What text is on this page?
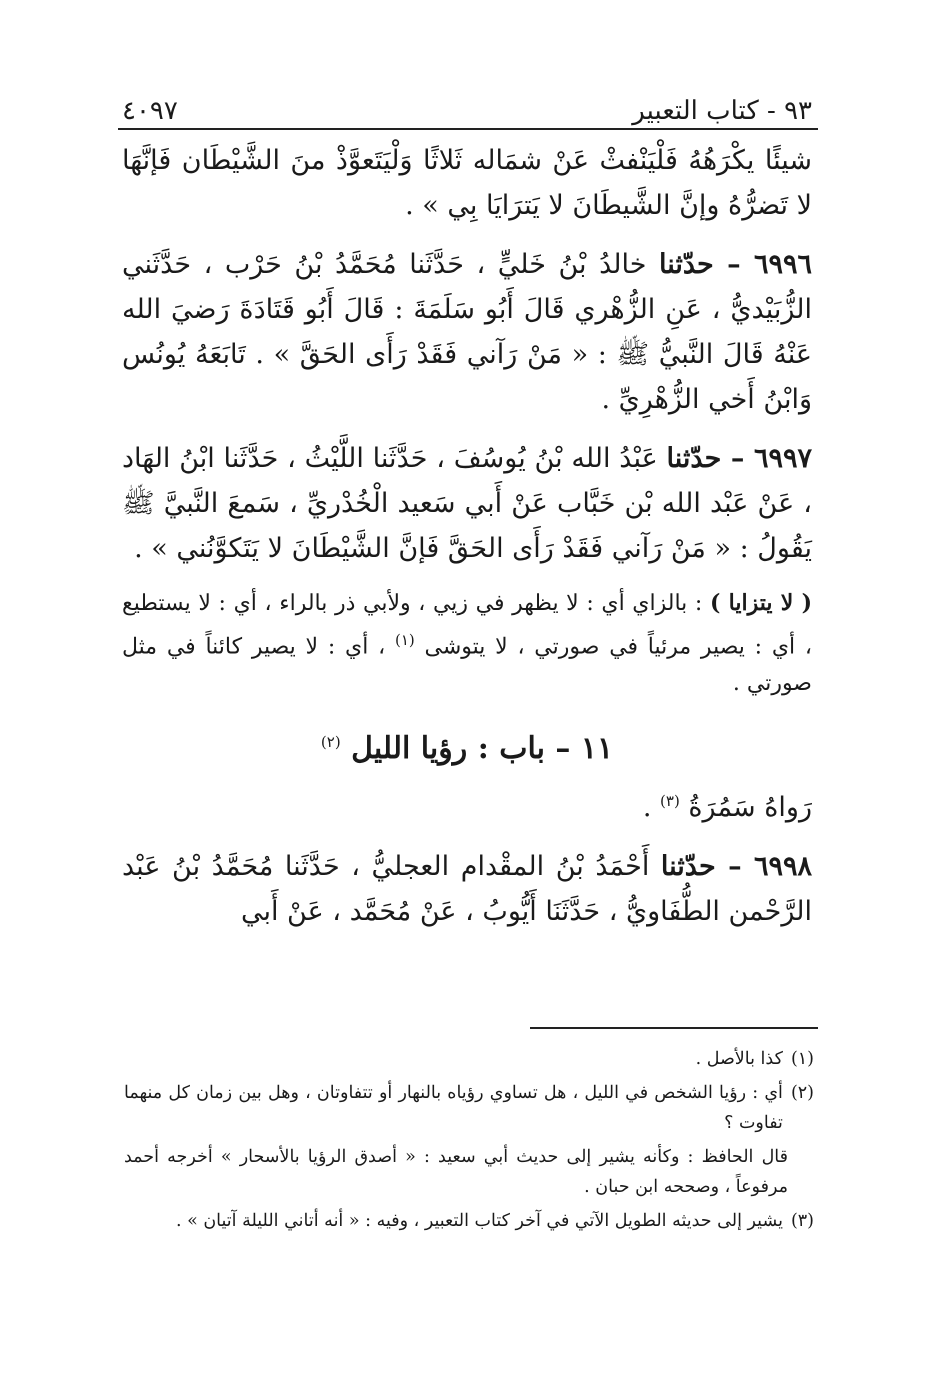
٩٣ - كتاب التعبير
٤٠٩٧

شيئًا يكْرَهُهُ فَلْيَنْفثْ عَنْ شمَاله ثَلاثًا وَلْيَتَعوَّذْ منَ الشَّيْطَان فَإنَّهَا لا تَضرُّهُ وإنَّ الشَّيطَانَ لا يَترَايَا بِي » .

٦٩٩٦ – حدّثنا خالدُ بْنُ خَليٍّ ، حَدَّثَنا مُحَمَّدُ بْنُ حَرْب ، حَدَّثَني الزُّبَيْديُّ ، عَنِ الزُّهْري قَالَ أَبُو سَلَمَةَ : قَالَ أَبُو قَتَادَةَ رَضيَ الله عَنْهُ قَالَ النَّبيُّ ﷺ : « مَنْ رَآني فَقَدْ رَأَى الحَقَّ » . تَابَعَهُ يُونُس وَابْنُ أَخي الزُّهْرِيِّ .

٦٩٩٧ – حدّثنا عَبْدُ الله بْنُ يُوسُفَ ، حَدَّثَنا اللَّيْثُ ، حَدَّثَنا ابْنُ الهَاد ، عَنْ عَبْد الله بْن خَبَّاب عَنْ أَبي سَعيد الْخُدْريِّ ، سَمعَ النَّبيَّ ﷺ يَقُولُ : « مَنْ رَآني فَقَدْ رَأَى الحَقَّ فَإنَّ الشَّيْطَانَ لا يَتَكوَّنُني » .

( لا يتزايا ) : بالزاي أي : لا يظهر في زيي ، ولأبي ذر بالراء ، أي : لا يستطيع ، أي : يصير مرئياً في صورتي ، لا يتوشى $^{(١)}$ ، أي : لا يصير كائناً في مثل صورتي .

١١ – باب : رؤيا الليل $^{(٢)}$

رَواهُ سَمُرَةُ $^{(٣)}$ .

٦٩٩٨ – حدّثنا أَحْمَدُ بْنُ المقْدام العجليُّ ، حَدَّثَنا مُحَمَّدُ بْنُ عَبْد الرَّحْمن الطُّفَاويُّ ، حَدَّثَنَا أَيُّوبُ ، عَنْ مُحَمَّد ، عَنْ أَبي

(١)
كذا بالأصل .
(٢)
أي : رؤيا الشخص في الليل ، هل تساوي رؤياه بالنهار أو تتفاوتان ، وهل بين زمان كل منهما تفاوت ؟
قال الحافظ : وكأنه يشير إلى حديث أبي سعيد : « أصدق الرؤيا بالأسحار » أخرجه أحمد مرفوعاً ، وصححه ابن حبان .
(٣)
يشير إلى حديثه الطويل الآتي في آخر كتاب التعبير ، وفيه : « أنه أتاني الليلة آتيان » .
